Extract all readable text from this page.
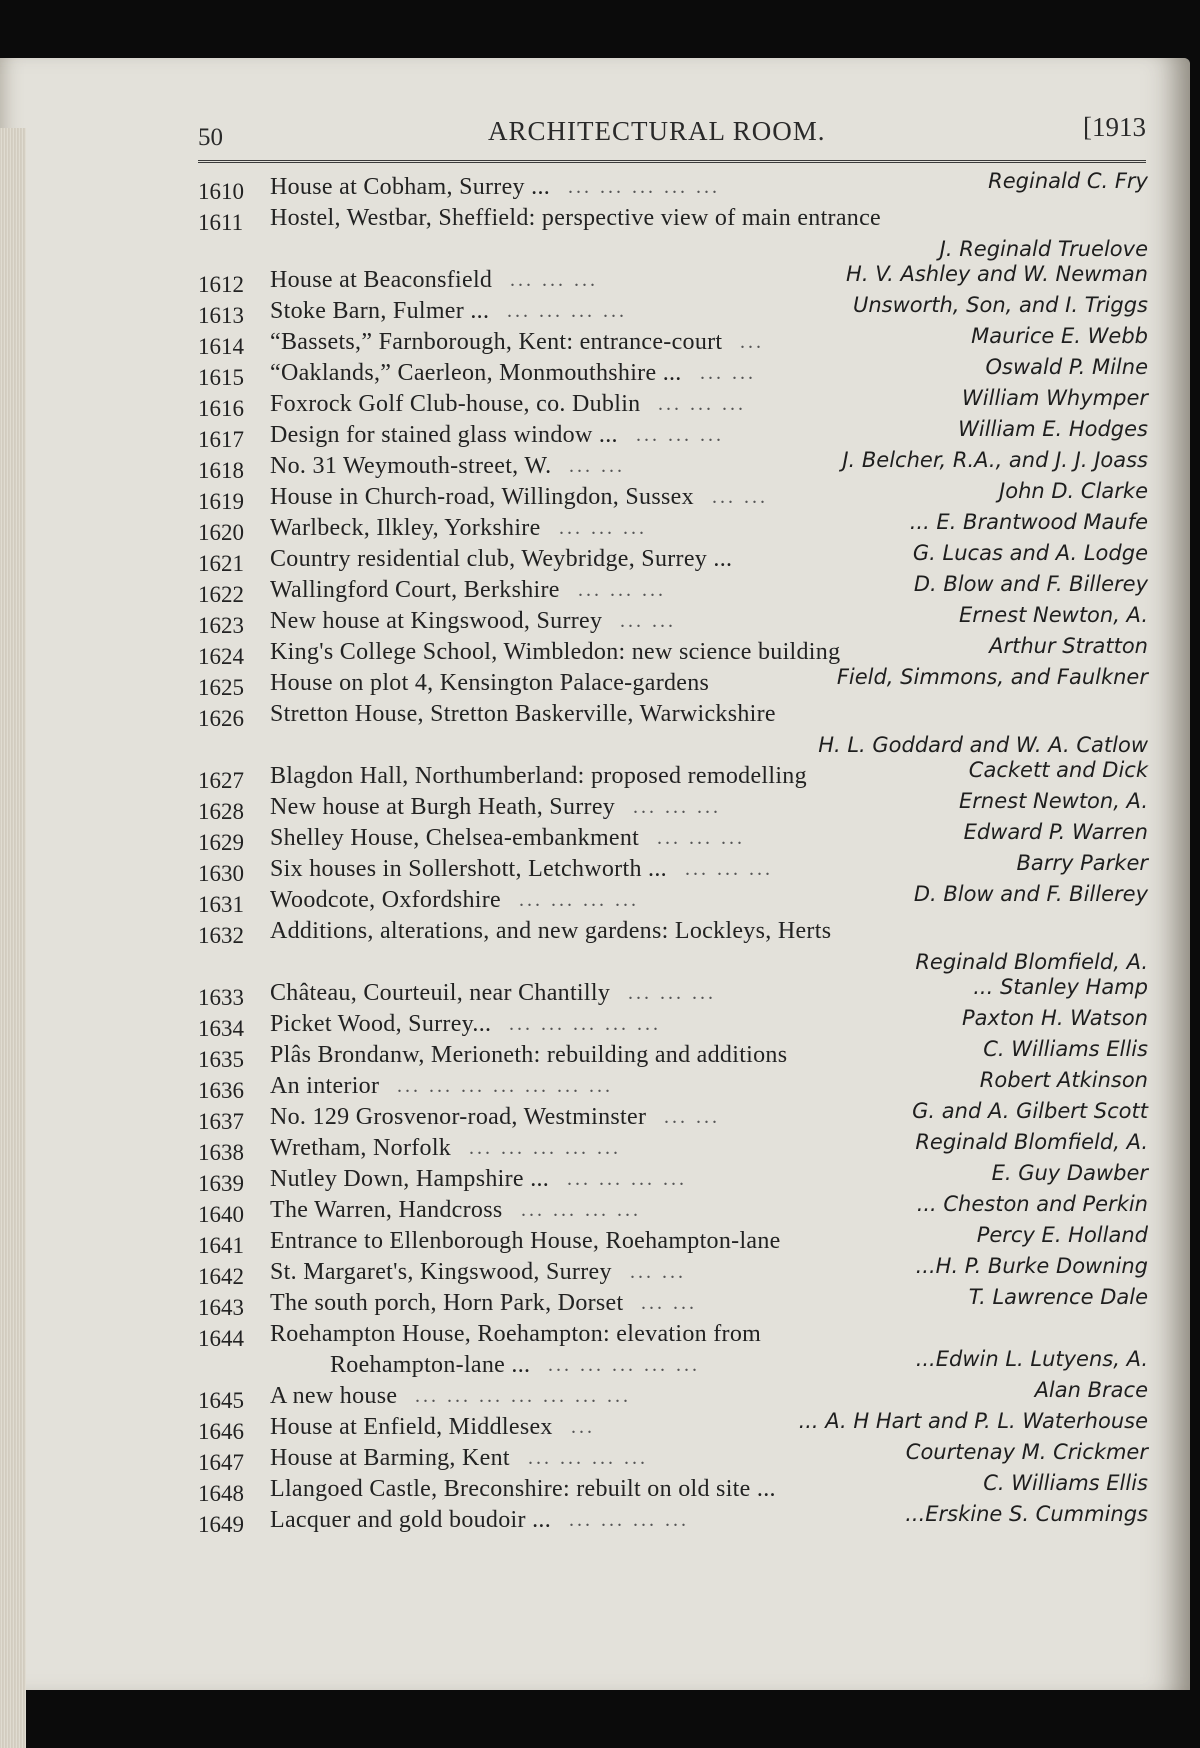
50	ARCHITECTURAL ROOM.	[1913
1610	House at Cobham, Surrey ... ... ... ... ... ...	Reginald C. Fry
1611	Hostel, Westbar, Sheffield: perspective view of main entrance
J. Reginald Truelove
1612	House at Beaconsfield ... ... ...	H. V. Ashley and W. Newman
1613	Stoke Barn, Fulmer ... ... ... ... ...	Unsworth, Son, and I. Triggs
1614	“Bassets,” Farnborough, Kent: entrance-court ...	Maurice E. Webb
1615	“Oaklands,” Caerleon, Monmouthshire ... ... ...	Oswald P. Milne
1616	Foxrock Golf Club-house, co. Dublin ... ... ...	William Whymper
1617	Design for stained glass window ... ... ... ...	William E. Hodges
1618	No. 31 Weymouth-street, W. ... ...	J. Belcher, R.A., and J. J. Joass
1619	House in Church-road, Willingdon, Sussex ... ...	John D. Clarke
1620	Warlbeck, Ilkley, Yorkshire ... ... ...	... E. Brantwood Maufe
1621	Country residential club, Weybridge, Surrey ...	G. Lucas and A. Lodge
1622	Wallingford Court, Berkshire ... ... ...	D. Blow and F. Billerey
1623	New house at Kingswood, Surrey ... ...	Ernest Newton, A.
1624	King's College School, Wimbledon: new science building	Arthur Stratton
1625	House on plot 4, Kensington Palace-gardens	Field, Simmons, and Faulkner
1626	Stretton House, Stretton Baskerville, Warwickshire
H. L. Goddard and W. A. Catlow
1627	Blagdon Hall, Northumberland: proposed remodelling	Cackett and Dick
1628	New house at Burgh Heath, Surrey ... ... ...	Ernest Newton, A.
1629	Shelley House, Chelsea-embankment ... ... ...	Edward P. Warren
1630	Six houses in Sollershott, Letchworth ... ... ... ...	Barry Parker
1631	Woodcote, Oxfordshire ... ... ... ...	D. Blow and F. Billerey
1632	Additions, alterations, and new gardens: Lockleys, Herts
Reginald Blomfield, A.
1633	Château, Courteuil, near Chantilly ... ... ...	... Stanley Hamp
1634	Picket Wood, Surrey... ... ... ... ... ...	Paxton H. Watson
1635	Plâs Brondanw, Merioneth: rebuilding and additions	C. Williams Ellis
1636	An interior ... ... ... ... ... ... ...	Robert Atkinson
1637	No. 129 Grosvenor-road, Westminster ... ...	G. and A. Gilbert Scott
1638	Wretham, Norfolk ... ... ... ... ...	Reginald Blomfield, A.
1639	Nutley Down, Hampshire ... ... ... ... ...	E. Guy Dawber
1640	The Warren, Handcross ... ... ... ...	... Cheston and Perkin
1641	Entrance to Ellenborough House, Roehampton-lane	Percy E. Holland
1642	St. Margaret's, Kingswood, Surrey ... ...	...H. P. Burke Downing
1643	The south porch, Horn Park, Dorset ... ...	T. Lawrence Dale
1644	Roehampton House, Roehampton: elevation from
Roehampton-lane ... ... ... ... ... ...	...Edwin L. Lutyens, A.
1645	A new house ... ... ... ... ... ... ...	Alan Brace
1646	House at Enfield, Middlesex ...	... A. H Hart and P. L. Waterhouse
1647	House at Barming, Kent ... ... ... ...	Courtenay M. Crickmer
1648	Llangoed Castle, Breconshire: rebuilt on old site ...	C. Williams Ellis
1649	Lacquer and gold boudoir ... ... ... ... ...	...Erskine S. Cummings
